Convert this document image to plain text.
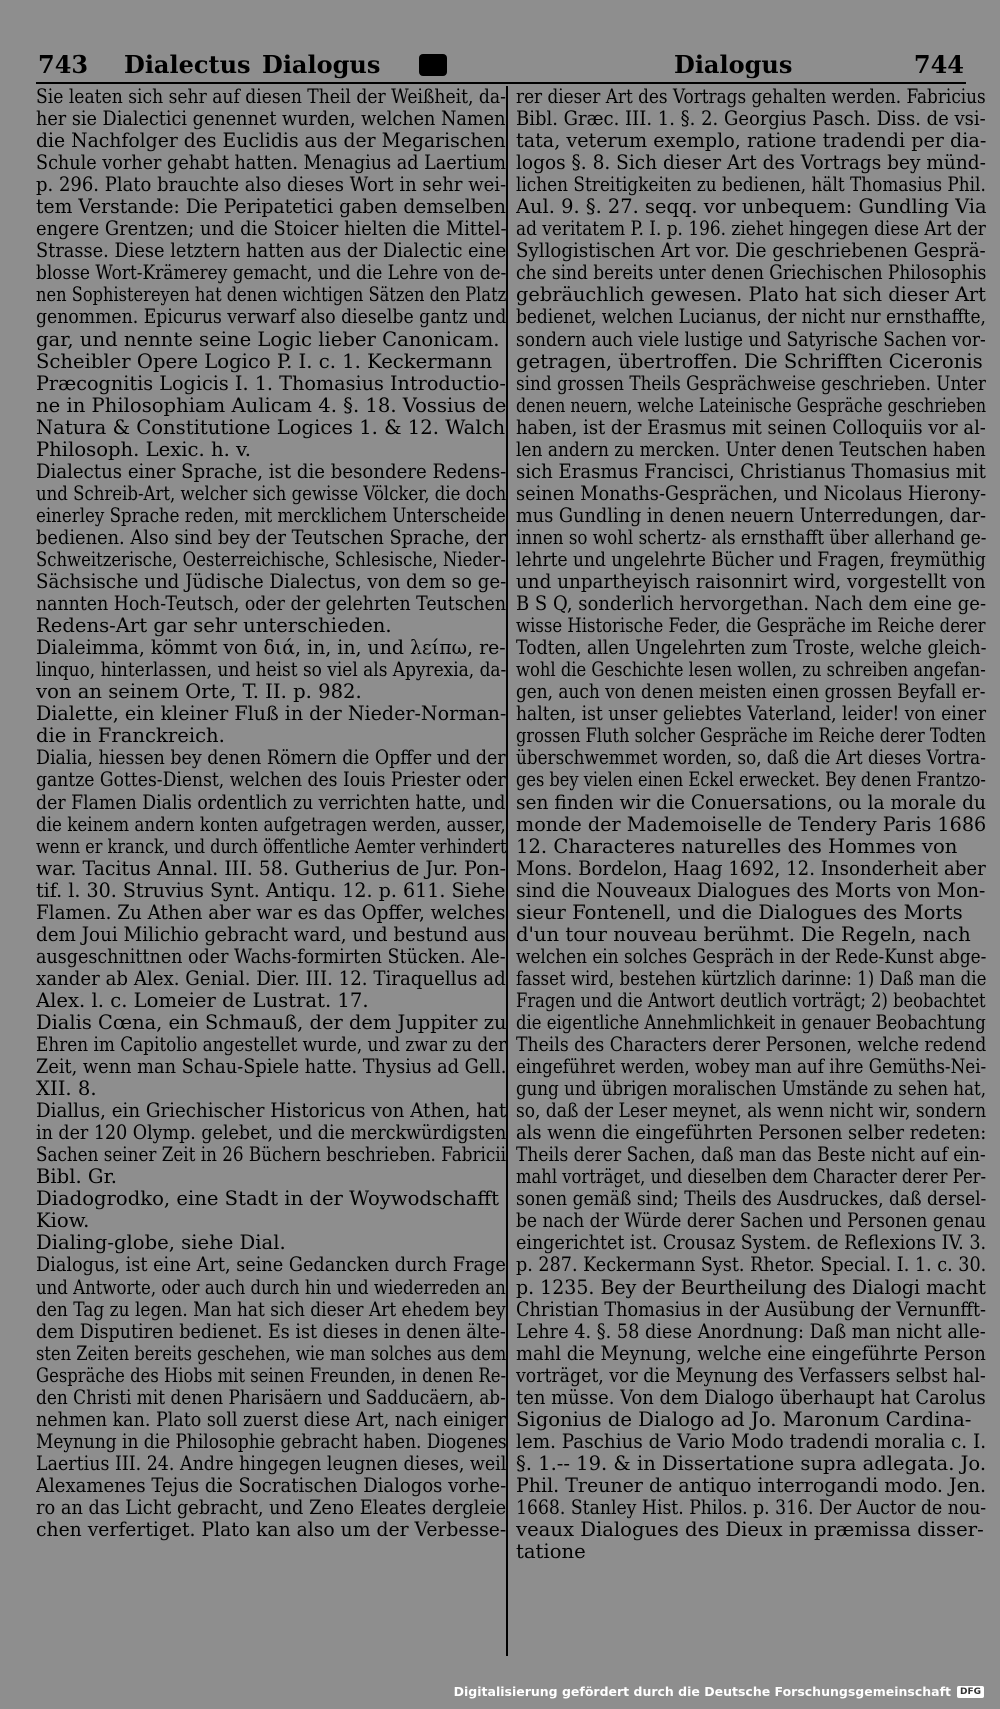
743 Dialectus Dialogus	Dialogus	744
Sie leaten sich sehr auf diesen Theil der Weißheit, da-
her sie Dialectici genennet wurden, welchen Namen
die Nachfolger des Euclidis aus der Megarischen
Schule vorher gehabt hatten. Menagius ad Laertium
p. 296. Plato brauchte also dieses Wort in sehr wei-
tem Verstande: Die Peripatetici gaben demselben
engere Grentzen; und die Stoicer hielten die Mittel-
Strasse. Diese letztern hatten aus der Dialectic eine
blosse Wort-Krämerey gemacht, und die Lehre von de-
nen Sophistereyen hat denen wichtigen Sätzen den Platz
genommen. Epicurus verwarf also dieselbe gantz und
gar, und nennte seine Logic lieber Canonicam.
Scheibler Opere Logico P. I. c. 1. Keckermann
Præcognitis Logicis I. 1. Thomasius Introductio-
ne in Philosophiam Aulicam 4. §. 18. Vossius de
Natura & Constitutione Logices 1. & 12. Walch
Philosoph. Lexic. h. v.
Dialectus einer Sprache, ist die besondere Redens-
und Schreib-Art, welcher sich gewisse Völcker, die doch
einerley Sprache reden, mit mercklichem Unterscheide
bedienen. Also sind bey der Teutschen Sprache, der
Schweitzerische, Oesterreichische, Schlesische, Nieder-
Sächsische und Jüdische Dialectus, von dem so ge-
nannten Hoch-Teutsch, oder der gelehrten Teutschen
Redens-Art gar sehr unterschieden.
Dialeimma, kömmt von διά, in, in, und λείπω, re-
linquo, hinterlassen, und heist so viel als Apyrexia, da-
von an seinem Orte, T. II. p. 982.
Dialette, ein kleiner Fluß in der Nieder-Norman-
die in Franckreich.
Dialia, hiessen bey denen Römern die Opffer und der
gantze Gottes-Dienst, welchen des Iouis Priester oder
der Flamen Dialis ordentlich zu verrichten hatte, und
die keinem andern konten aufgetragen werden, ausser,
wenn er kranck, und durch öffentliche Aemter verhindert
war. Tacitus Annal. III. 58. Gutherius de Jur. Pon-
tif. l. 30. Struvius Synt. Antiqu. 12. p. 611. Siehe
Flamen. Zu Athen aber war es das Opffer, welches
dem Joui Milichio gebracht ward, und bestund aus
ausgeschnittnen oder Wachs-formirten Stücken. Ale-
xander ab Alex. Genial. Dier. III. 12. Tiraquellus ad
Alex. l. c. Lomeier de Lustrat. 17.
Dialis Cœna, ein Schmauß, der dem Juppiter zu
Ehren im Capitolio angestellet wurde, und zwar zu der
Zeit, wenn man Schau-Spiele hatte. Thysius ad Gell.
XII. 8.
Diallus, ein Griechischer Historicus von Athen, hat
in der 120 Olymp. gelebet, und die merckwürdigsten
Sachen seiner Zeit in 26 Büchern beschrieben. Fabricii
Bibl. Gr.
Diadogrodko, eine Stadt in der Woywodschafft
Kiow.
Dialing-globe, siehe Dial.
Dialogus, ist eine Art, seine Gedancken durch Frage
und Antworte, oder auch durch hin und wiederreden an
den Tag zu legen. Man hat sich dieser Art ehedem bey
dem Disputiren bedienet. Es ist dieses in denen älte-
sten Zeiten bereits geschehen, wie man solches aus dem
Gespräche des Hiobs mit seinen Freunden, in denen Re-
den Christi mit denen Pharisäern und Sadducäern, ab-
nehmen kan. Plato soll zuerst diese Art, nach einiger
Meynung in die Philosophie gebracht haben. Diogenes
Laertius III. 24. Andre hingegen leugnen dieses, weil
Alexamenes Tejus die Socratischen Dialogos vorhe-
ro an das Licht gebracht, und Zeno Eleates dergleie
chen verfertiget. Plato kan also um der Verbesse-
rer dieser Art des Vortrags gehalten werden. Fabricius
Bibl. Græc. III. 1. §. 2. Georgius Pasch. Diss. de vsi-
tata, veterum exemplo, ratione tradendi per dia-
logos §. 8. Sich dieser Art des Vortrags bey münd-
lichen Streitigkeiten zu bedienen, hält Thomasius Phil.
Aul. 9. §. 27. seqq. vor unbequem: Gundling Via
ad veritatem P. I. p. 196. ziehet hingegen diese Art der
Syllogistischen Art vor. Die geschriebenen Gesprä-
che sind bereits unter denen Griechischen Philosophis
gebräuchlich gewesen. Plato hat sich dieser Art
bedienet, welchen Lucianus, der nicht nur ernsthaffte,
sondern auch viele lustige und Satyrische Sachen vor-
getragen, übertroffen. Die Schrifften Ciceronis
sind grossen Theils Gesprächweise geschrieben. Unter
denen neuern, welche Lateinische Gespräche geschrieben
haben, ist der Erasmus mit seinen Colloquiis vor al-
len andern zu mercken. Unter denen Teutschen haben
sich Erasmus Francisci, Christianus Thomasius mit
seinen Monaths-Gesprächen, und Nicolaus Hierony-
mus Gundling in denen neuern Unterredungen, dar-
innen so wohl schertz- als ernsthafft über allerhand ge-
lehrte und ungelehrte Bücher und Fragen, freymüthig
und unpartheyisch raisonnirt wird, vorgestellt von
B S Q, sonderlich hervorgethan. Nach dem eine ge-
wisse Historische Feder, die Gespräche im Reiche derer
Todten, allen Ungelehrten zum Troste, welche gleich-
wohl die Geschichte lesen wollen, zu schreiben angefan-
gen, auch von denen meisten einen grossen Beyfall er-
halten, ist unser geliebtes Vaterland, leider! von einer
grossen Fluth solcher Gespräche im Reiche derer Todten
überschwemmet worden, so, daß die Art dieses Vortra-
ges bey vielen einen Eckel erwecket. Bey denen Frantzo-
sen finden wir die Conuersations, ou la morale du
monde der Mademoiselle de Tendery Paris 1686
12. Characteres naturelles des Hommes von
Mons. Bordelon, Haag 1692, 12. Insonderheit aber
sind die Nouveaux Dialogues des Morts von Mon-
sieur Fontenell, und die Dialogues des Morts
d'un tour nouveau berühmt. Die Regeln, nach
welchen ein solches Gespräch in der Rede-Kunst abge-
fasset wird, bestehen kürtzlich darinne: 1) Daß man die
Fragen und die Antwort deutlich vorträgt; 2) beobachtet
die eigentliche Annehmlichkeit in genauer Beobachtung
Theils des Characters derer Personen, welche redend
eingeführet werden, wobey man auf ihre Gemüths-Nei-
gung und übrigen moralischen Umstände zu sehen hat,
so, daß der Leser meynet, als wenn nicht wir, sondern
als wenn die eingeführten Personen selber redeten:
Theils derer Sachen, daß man das Beste nicht auf ein-
mahl vorträget, und dieselben dem Character derer Per-
sonen gemäß sind; Theils des Ausdruckes, daß dersel-
be nach der Würde derer Sachen und Personen genau
eingerichtet ist. Crousaz System. de Reflexions IV. 3.
p. 287. Keckermann Syst. Rhetor. Special. I. 1. c. 30.
p. 1235. Bey der Beurtheilung des Dialogi macht
Christian Thomasius in der Ausübung der Vernunfft-
Lehre 4. §. 58 diese Anordnung: Daß man nicht alle-
mahl die Meynung, welche eine eingeführte Person
vorträget, vor die Meynung des Verfassers selbst hal-
ten müsse. Von dem Dialogo überhaupt hat Carolus
Sigonius de Dialogo ad Jo. Maronum Cardina-
lem. Paschius de Vario Modo tradendi moralia c. I.
§. 1.-- 19. & in Dissertatione supra adlegata. Jo.
Phil. Treuner de antiquo interrogandi modo. Jen.
1668. Stanley Hist. Philos. p. 316. Der Auctor de nou-
veaux Dialogues des Dieux in præmissa disser-
tatione
Digitalisierung gefördert durch die Deutsche Forschungsgemeinschaft	DFG
